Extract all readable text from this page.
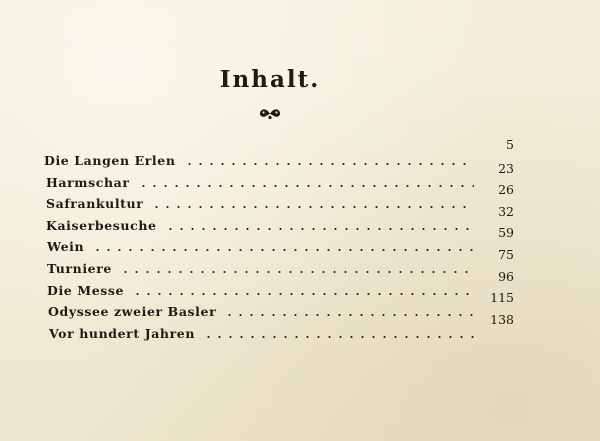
Inhalt.
Die Langen Erlen
5
Harmschar
23
Safrankultur
26
Kaiserbesuche
32
Wein
59
Turniere
75
Die Messe
96
Odyssee zweier Basler
115
Vor hundert Jahren
138
